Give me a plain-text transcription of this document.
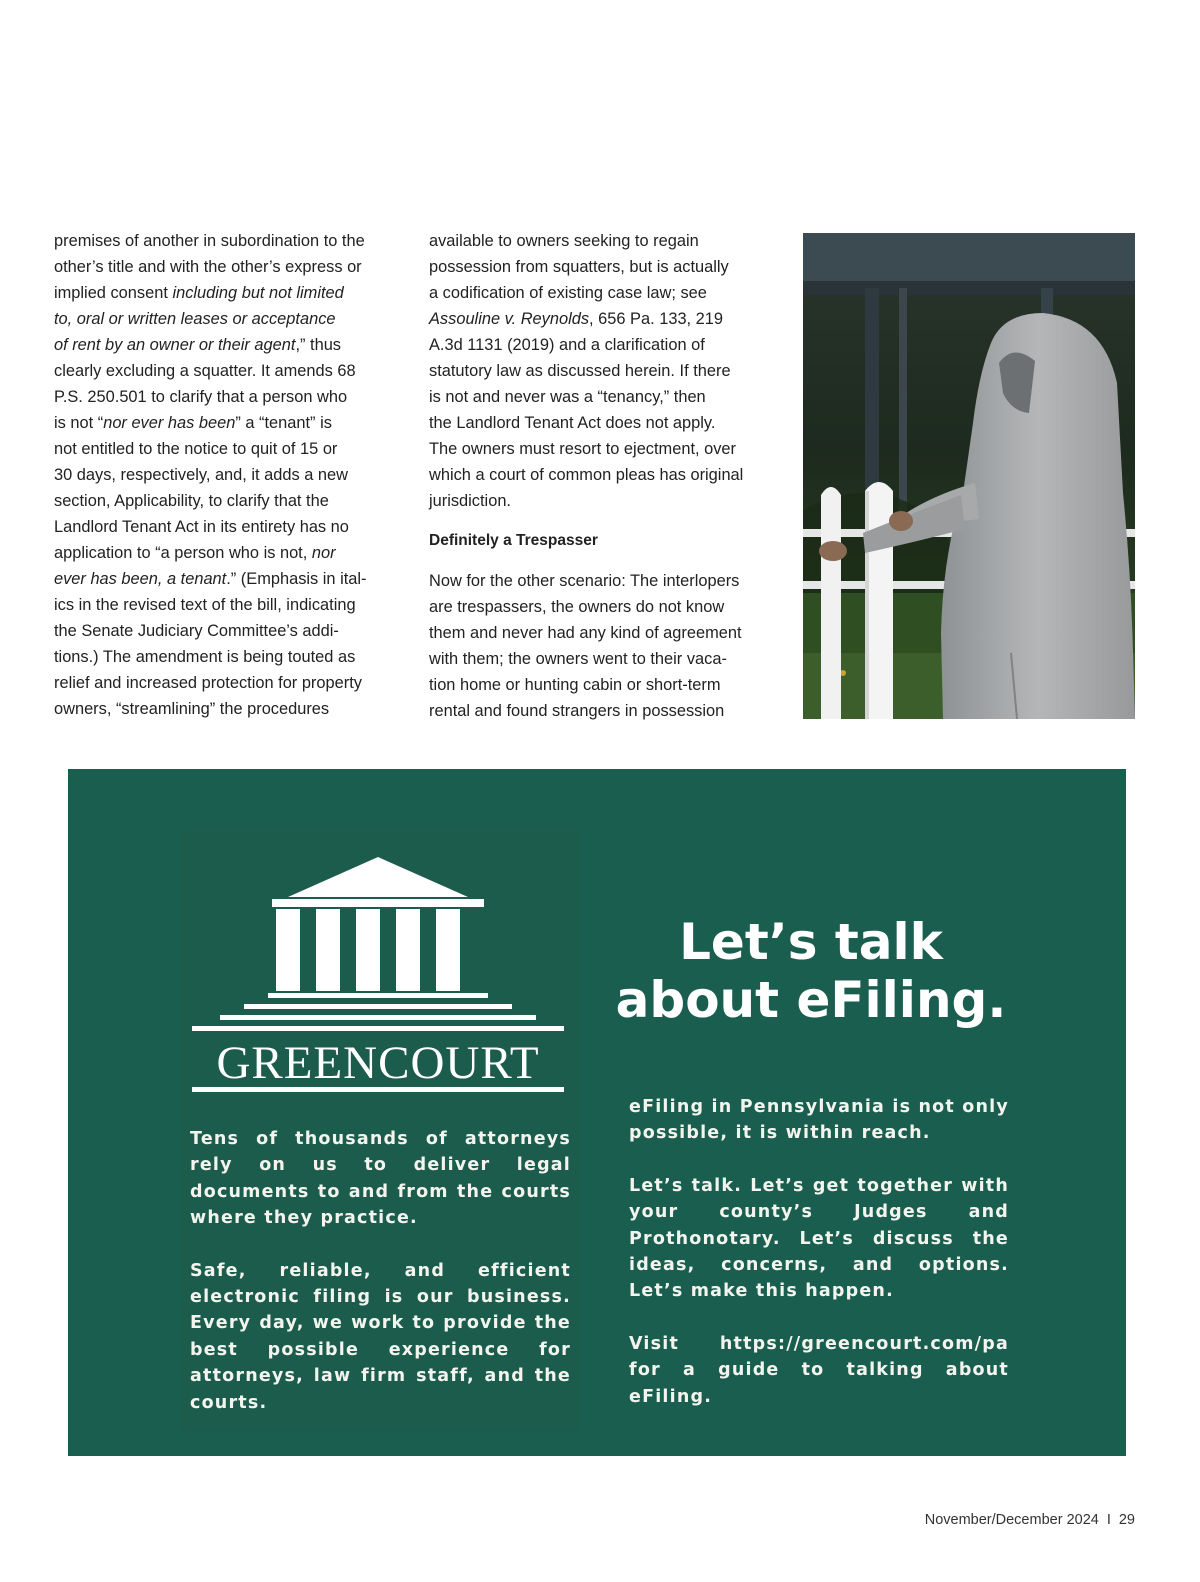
premises of another in subordination to the
other’s title and with the other’s express or
implied consent including but not limited
to, oral or written leases or acceptance
of rent by an owner or their agent,” thus
clearly excluding a squatter. It amends 68
P.S. 250.501 to clarify that a person who
is not “nor ever has been” a “tenant” is
not entitled to the notice to quit of 15 or
30 days, respectively, and, it adds a new
section, Applicability, to clarify that the
Landlord Tenant Act in its entirety has no
application to “a person who is not, nor
ever has been, a tenant.” (Emphasis in ital-
ics in the revised text of the bill, indicating
the Senate Judiciary Committee’s addi-
tions.) The amendment is being touted as
relief and increased protection for property
owners, “streamlining” the procedures
available to owners seeking to regain
possession from squatters, but is actually
a codification of existing case law; see
Assouline v. Reynolds, 656 Pa. 133, 219
A.3d 1131 (2019) and a clarification of
statutory law as discussed herein. If there
is not and never was a “tenancy,” then
the Landlord Tenant Act does not apply.
The owners must resort to ejectment, over
which a court of common pleas has original
jurisdiction.
Definitely a Trespasser
Now for the other scenario: The interlopers
are trespassers, the owners do not know
them and never had any kind of agreement
with them; the owners went to their vaca-
tion home or hunting cabin or short-term
rental and found strangers in possession
GREENCOURT
Let’s talk
about eFiling.

Tens of thousands of attorneys rely on us to deliver legal documents to and from the courts where they practice.

Safe, reliable, and efficient electronic filing is our business. Every day, we work to provide the best possible experience for attorneys, law firm staff, and the courts.

eFiling in Pennsylvania is not only possible, it is within reach.

Let’s talk. Let’s get together with your county’s Judges and Prothonotary. Let’s discuss the ideas, concerns, and options. Let’s make this happen.

Visit https://greencourt.com/pa for a guide to talking about eFiling.

November/December 2024 I 29
